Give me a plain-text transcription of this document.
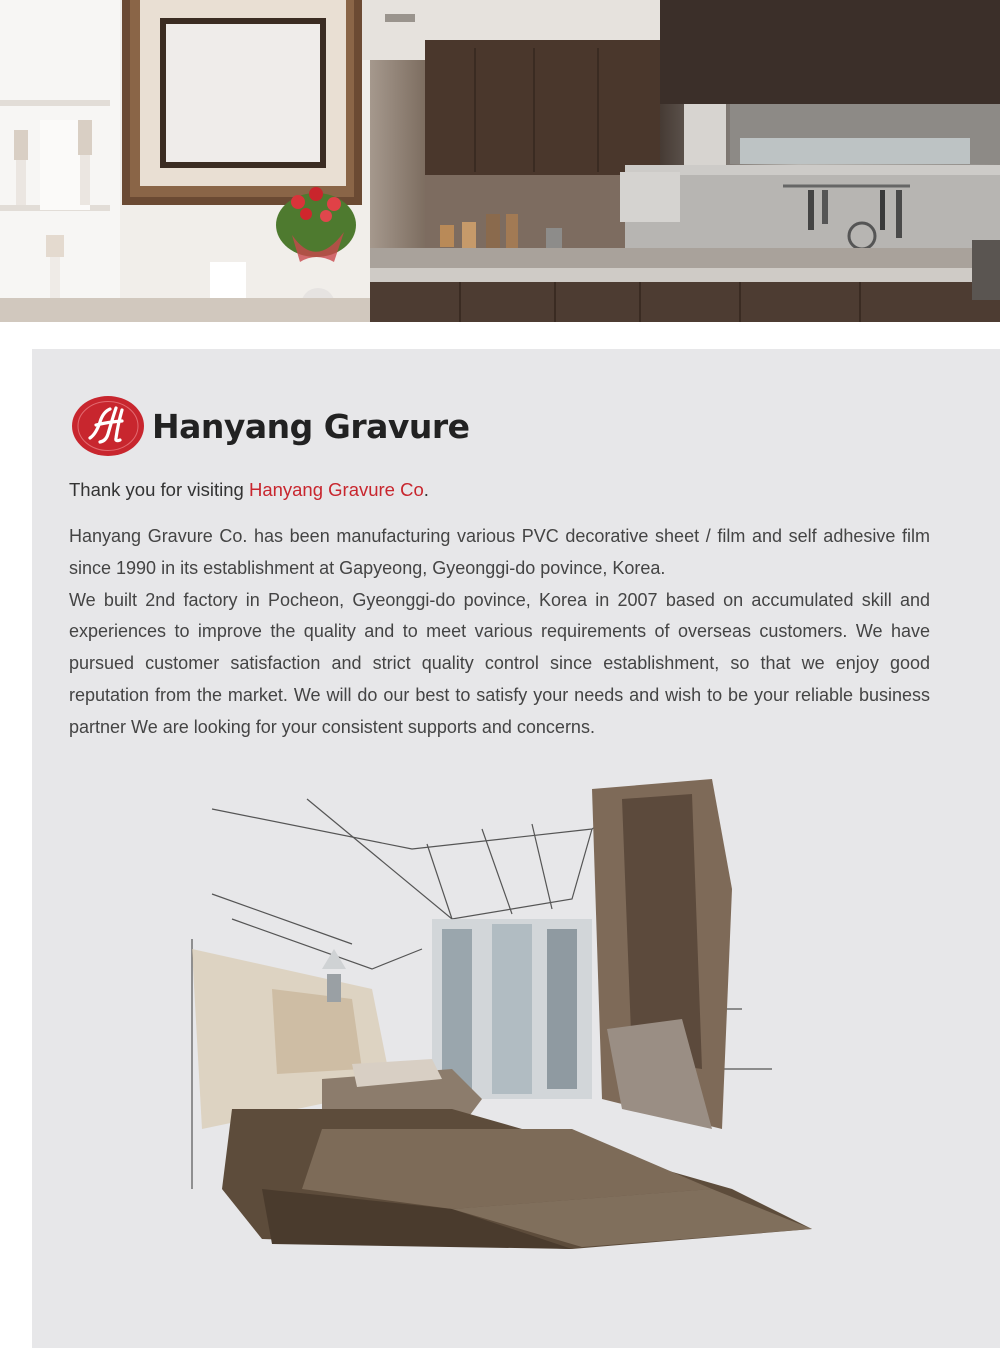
Hanyang Gravure
Thank you for visiting Hanyang Gravure Co.

Hanyang Gravure Co. has been manufacturing various PVC decorative sheet / film and self adhesive film since 1990 in its establishment at Gapyeong, Gyeonggi-do povince, Korea.

We built 2nd factory in Pocheon, Gyeonggi-do povince, Korea in 2007 based on accumulated skill and experiences to improve the quality and to meet various requirements of overseas customers. We have pursued customer satisfaction and strict quality control since establishment, so that we enjoy good reputation from the market. We will do our best to satisfy your needs and wish to be your reliable business partner We are looking for your consistent supports and concerns.
